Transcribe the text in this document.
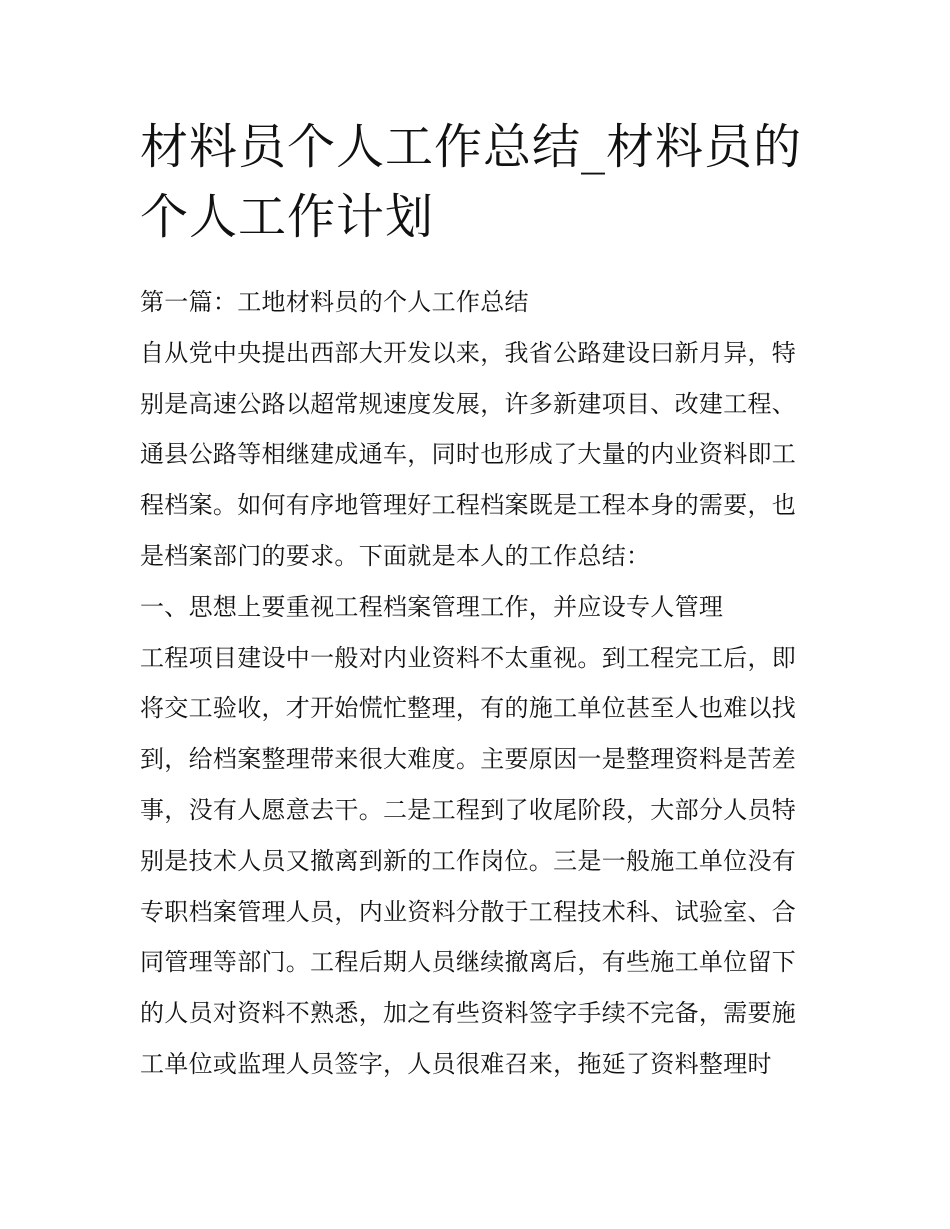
材料员个人工作总结_材料员的
个人工作计划
第一篇：工地材料员的个人工作总结
自从党中央提出西部大开发以来，我省公路建设曰新月异，特
别是高速公路以超常规速度发展，许多新建项目、改建工程、
通县公路等相继建成通车，同时也形成了大量的内业资料即工
程档案。如何有序地管理好工程档案既是工程本身的需要，也
是档案部门的要求。下面就是本人的工作总结：
一、思想上要重视工程档案管理工作，并应设专人管理
工程项目建设中一般对内业资料不太重视。到工程完工后，即
将交工验收，才开始慌忙整理，有的施工单位甚至人也难以找
到，给档案整理带来很大难度。主要原因一是整理资料是苦差
事，没有人愿意去干。二是工程到了收尾阶段，大部分人员特
别是技术人员又撤离到新的工作岗位。三是一般施工单位没有
专职档案管理人员，内业资料分散于工程技术科、试验室、合
同管理等部门。工程后期人员继续撤离后，有些施工单位留下
的人员对资料不熟悉，加之有些资料签字手续不完备，需要施
工单位或监理人员签字，人员很难召来，拖延了资料整理时
